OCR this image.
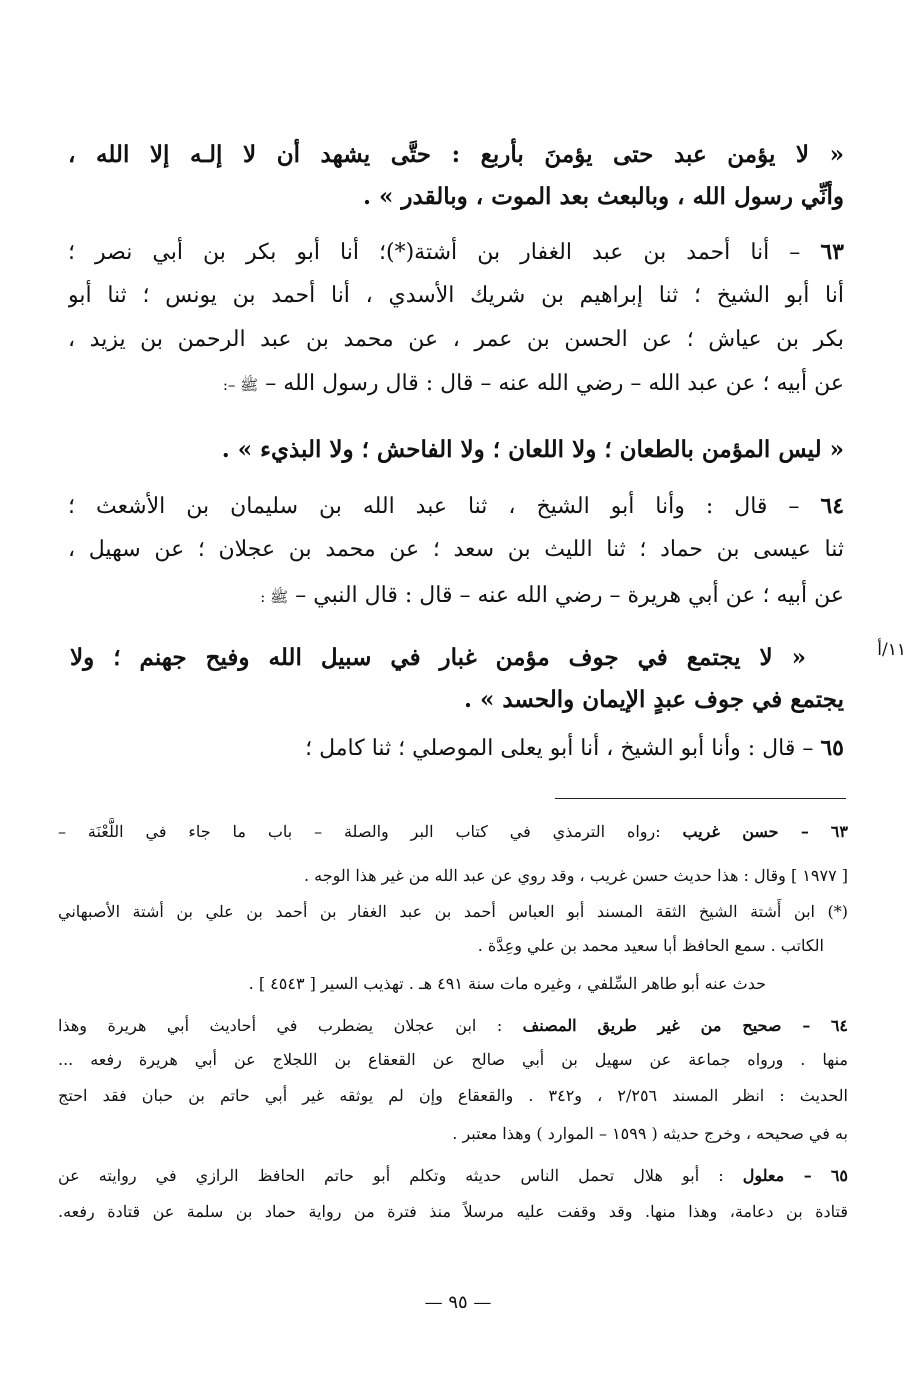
« لا يؤمن عبد حتى يؤمنَ بأربع : حتَّى يشهد أن لا إلـه إلا الله ،
وأنِّي رسول الله ، وبالبعث بعد الموت ، وبالقدر » .
٦٣ – أنا أحمد بن عبد الغفار بن أشتة(*)؛ أنا أبو بكر بن أبي نصر ؛
أنا أبو الشيخ ؛ ثنا إبراهيم بن شريك الأسدي ، أنا أحمد بن يونس ؛ ثنا أبو
بكر بن عياش ؛ عن الحسن بن عمر ، عن محمد بن عبد الرحمن بن يزيد ،
عن أبيه ؛ عن عبد الله – رضي الله عنه – قال : قال رسول الله – ﷺ –:
« ليس المؤمن بالطعان ؛ ولا اللعان ؛ ولا الفاحش ؛ ولا البذيء » .
٦٤ – قال : وأنا أبو الشيخ ، ثنا عبد الله بن سليمان بن الأشعث ؛
ثنا عيسى بن حماد ؛ ثنا الليث بن سعد ؛ عن محمد بن عجلان ؛ عن سهيل ،
عن أبيه ؛ عن أبي هريرة – رضي الله عنه – قال : قال النبي – ﷺ :
« لا يجتمع في جوف مؤمن غبار في سبيل الله وفيح جهنم ؛ ولا	١١/أ
يجتمع في جوف عبدٍ الإيمان والحسد » .
٦٥ – قال : وأنا أبو الشيخ ، أنا أبو يعلى الموصلي ؛ ثنا كامل ؛
٦٣ – حسن غريب :رواه الترمذي في كتاب البر والصلة – باب ما جاء في اللَّعْنَة –
[ ١٩٧٧ ] وقال : هذا حديث حسن غريب ، وقد روي عن عبد الله من غير هذا الوجه .
(*) ابن أَشتة الشيخ الثقة المسند أبو العباس أحمد بن عبد الغفار بن أحمد بن علي بن أشتة الأصبهاني
الكاتب . سمع الحافظ أبا سعيد محمد بن علي وعِدَّة .
حدث عنه أبو طاهر السِّلفي ، وغيره مات سنة ٤٩١ هـ . تهذيب السير [ ٤٥٤٣ ] .
٦٤ – صحيح من غير طريق المصنف : ابن عجلان يضطرب في أحاديث أبي هريرة وهذا
منها . ورواه جماعة عن سهيل بن أبي صالح عن القعقاع بن اللجلاج عن أبي هريرة رفعه ...
الحديث : انظر المسند ٢/٢٥٦ ، و٣٤٢ . والقعقاع وإن لم يوثقه غير أبي حاتم بن حبان فقد احتج
به في صحيحه ، وخرج حديثه ( ١٥٩٩ – الموارد ) وهذا معتبر .
٦٥ – معلول : أبو هلال تحمل الناس حديثه وتكلم أبو حاتم الحافظ الرازي في روايته عن
قتادة بن دعامة، وهذا منها. وقد وقفت عليه مرسلاً منذ فترة من رواية حماد بن سلمة عن قتادة رفعه.
— ٩٥ —
